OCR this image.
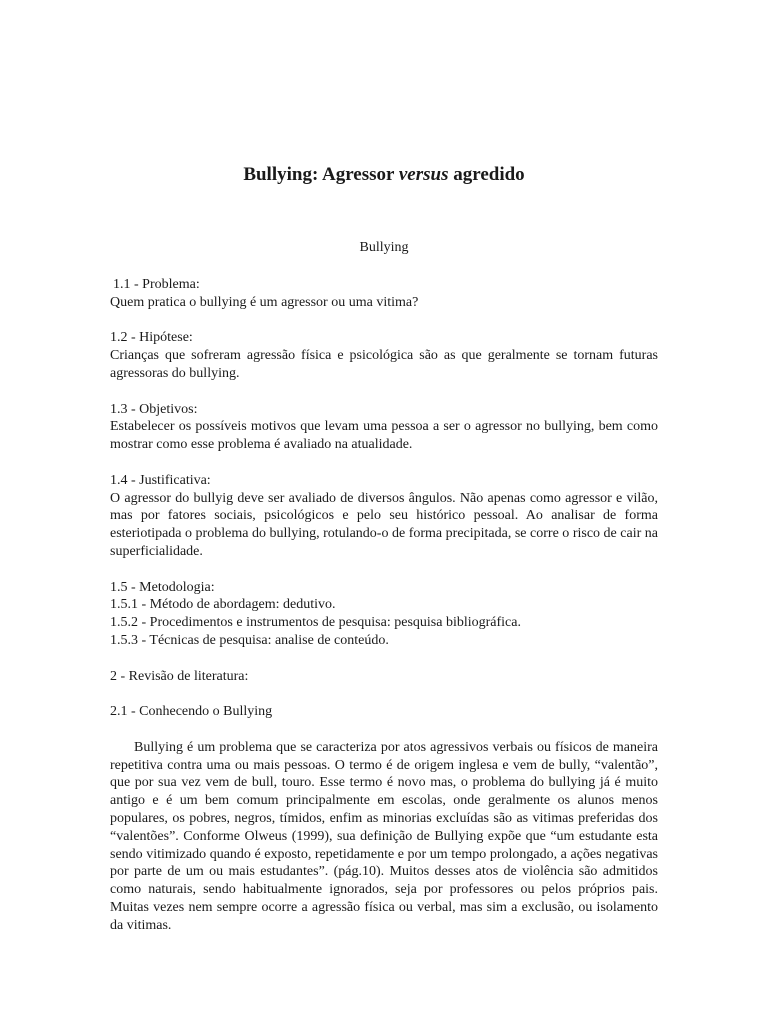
Bullying: Agressor versus agredido

Bullying

1.1 - Problema:
Quem pratica o bullying é um agressor ou uma vitima?
1.2 - Hipótese:
Crianças que sofreram agressão física e psicológica são as que geralmente se tornam futuras agressoras do bullying.
1.3 - Objetivos:
Estabelecer os possíveis motivos que levam uma pessoa a ser o agressor no bullying, bem como mostrar como esse problema é avaliado na atualidade.
1.4 - Justificativa:
O agressor do bullyig deve ser avaliado de diversos ângulos. Não apenas como agressor e vilão, mas por fatores sociais, psicológicos e pelo seu histórico pessoal. Ao analisar de forma esteriotipada o problema do bullying, rotulando-o de forma precipitada, se corre o risco de cair na superficialidade.
1.5 - Metodologia:
1.5.1 - Método de abordagem: dedutivo.
1.5.2 - Procedimentos e instrumentos de pesquisa: pesquisa bibliográfica.
1.5.3 - Técnicas de pesquisa: analise de conteúdo.
2 - Revisão de literatura:
2.1 - Conhecendo o Bullying

Bullying é um problema que se caracteriza por atos agressivos verbais ou físicos de maneira repetitiva contra uma ou mais pessoas. O termo é de origem inglesa e vem de bully, “valentão”, que por sua vez vem de bull, touro. Esse termo é novo mas, o problema do bullying já é muito antigo e é um bem comum principalmente em escolas, onde geralmente os alunos menos populares, os pobres, negros, tímidos, enfim as minorias excluídas são as vitimas preferidas dos “valentões”. Conforme Olweus (1999), sua definição de Bullying expõe que “um estudante esta sendo vitimizado quando é exposto, repetidamente e por um tempo prolongado, a ações negativas por parte de um ou mais estudantes”. (pág.10). Muitos desses atos de violência são admitidos como naturais, sendo habitualmente ignorados, seja por professores ou pelos próprios pais. Muitas vezes nem sempre ocorre a agressão física ou verbal, mas sim a exclusão, ou isolamento da vitimas.
